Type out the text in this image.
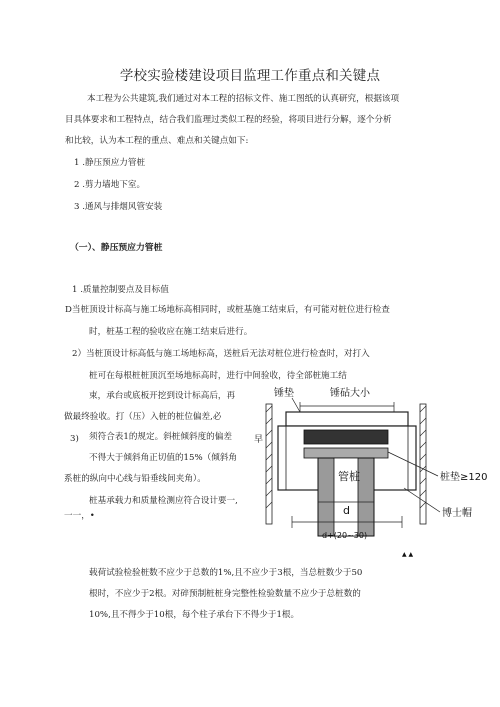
学校实验楼建设项目监理工作重点和关键点
本工程为公共建筑,我们通过对本工程的招标文件、施工图纸的认真研究，根据该项
目具体要求和工程特点，结合我们监理过类似工程的经验，将项目进行分解，逐个分析
和比较，认为本工程的重点、难点和关键点如下:
1 .静压预应力管桩
2 .剪力墙地下室。
3 .通风与排烟风管安装
（一）、静压预应力管桩
1 .质量控制要点及目标值
D当桩顶设计标高与施工场地标高相同时，或桩基施工结束后，有可能对桩位进行检查
时，桩基工程的验收应在施工结束后进行。
2）当桩顶设计标高低与施工场地标高，送桩后无法对桩位进行检查时，对打入
桩可在每根桩桩顶沉至场地标高时，进行中间验收，待全部桩施工结
束，承台或底板开挖到设计标高后，再
做最终验收。打（压）入桩的桩位偏差,必
3) 须符合表1的规定。斜桩倾斜度的偏差
不得大于倾斜角正切值的15%（倾斜角
系桩的纵向中心线与铅垂线间夹角）。
桩基承载力和质量检测应符合设计要一,
一一，•
载荷试验检验桩数不应少于总数的1%,且不应少于3根，当总桩数少于50
根时，不应少于2根。对碎预制桩桩身完整性检验数量不应少于总桩数的
10%,且不得少于10根，每个柱子承台下不得少于1根。
锤垫	锤砧大小
桩垫≥120
早
管桩
博士帽
d
d+(20~30)
▲ ▲
